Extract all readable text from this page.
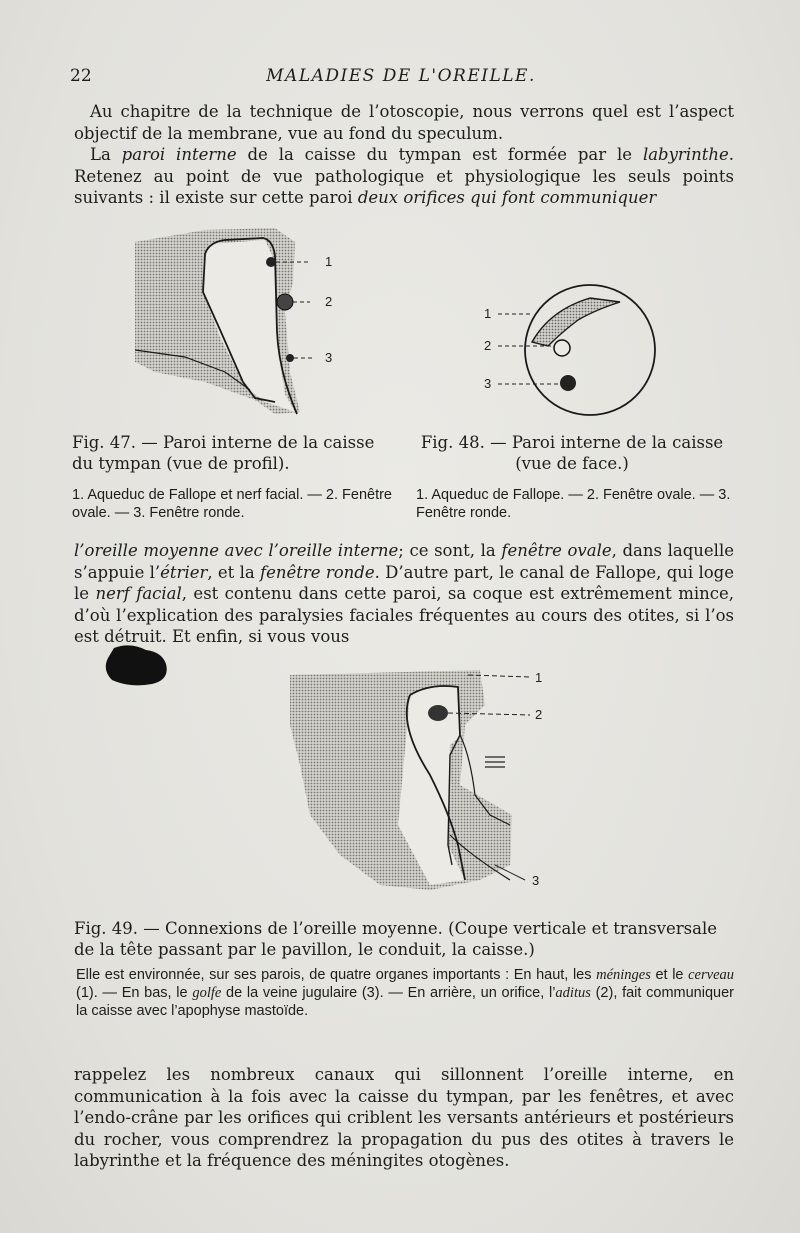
22	MALADIES DE L'OREILLE.

Au chapitre de la technique de l’otoscopie, nous verrons quel est l’aspect objectif de la membrane, vue au fond du speculum.

La paroi interne de la caisse du tympan est formée par le labyrinthe. Retenez au point de vue pathologique et physiologique les seuls points suivants : il existe sur cette paroi deux orifices qui font communiquer

1
2
3
1
2
3
Fig. 47. — Paroi interne de la caisse du tympan (vue de profil).
1. Aqueduc de Fallope et nerf facial. — 2. Fenêtre ovale. — 3. Fenêtre ronde.
Fig. 48. — Paroi interne de la caisse (vue de face.)
1. Aqueduc de Fallope. — 2. Fenêtre ovale. — 3. Fenêtre ronde.

l’oreille moyenne avec l’oreille interne; ce sont, la fenêtre ovale, dans laquelle s’appuie l’étrier, et la fenêtre ronde. D’autre part, le canal de Fallope, qui loge le nerf facial, est contenu dans cette paroi, sa coque est extrêmement mince, d’où l’explication des paralysies faciales fréquentes au cours des otites, si l’os est détruit. Et enfin, si vous vous

1
2
3
Fig. 49. — Connexions de l’oreille moyenne. (Coupe verticale et transversale de la tête passant par le pavillon, le conduit, la caisse.)
Elle est environnée, sur ses parois, de quatre organes importants : En haut, les méninges et le cerveau (1). — En bas, le golfe de la veine jugulaire (3). — En arrière, un orifice, l’aditus (2), fait communiquer la caisse avec l’apophyse mastoïde.

rappelez les nombreux canaux qui sillonnent l’oreille interne, en communication à la fois avec la caisse du tympan, par les fenêtres, et avec l’endo-crâne par les orifices qui criblent les versants antérieurs et postérieurs du rocher, vous comprendrez la propagation du pus des otites à travers le labyrinthe et la fréquence des méningites otogènes.
